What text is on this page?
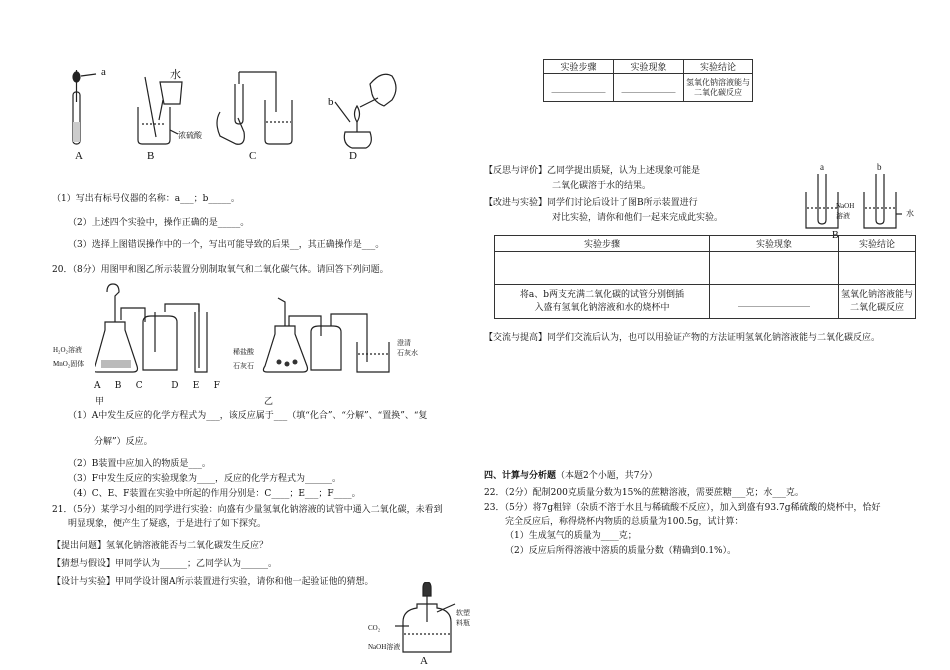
a	水
浓硫酸
b
A	B	C	D
（1）写出有标号仪器的名称：a___；b_____。
（2）上述四个实验中，操作正确的是_____。
（3）选择上图错误操作中的一个，写出可能导致的后果__，其正确操作是___。
20．（8分）用图甲和图乙所示装置分别制取氧气和二氧化碳气体。请回答下列问题。
H₂O₂溶液
MnO₂固体
稀盐酸
石灰石
澄清
石灰水
A     B     C          D     E     F
甲	乙
（1）A中发生反应的化学方程式为___，该反应属于___（填“化合”、“分解”、“置换”、“复
分解”）反应。
（2）B装置中应加入的物质是___。
（3）F中发生反应的实验现象为____，反应的化学方程式为______。
（4）C、E、F装置在实验中所起的作用分别是：C____；E___；F____。
21．（5分）某学习小组的同学进行实验：向盛有少量氢氧化钠溶液的试管中通入二氧化碳，未看到
明显现象，便产生了疑惑，于是进行了如下探究。
【提出问题】氢氧化钠溶液能否与二氧化碳发生反应？
【猜想与假设】甲同学认为______；乙同学认为______。
【设计与实验】甲同学设计图A所示装置进行实验，请你和他一起验证他的猜想。
CO₂
NaOH溶液
软塑
料瓶
A
实验步骤	实验现象	实验结论
____________	____________	氢氧化钠溶液能与二氧化碳反应
【反思与评价】乙同学提出质疑，认为上述现象可能是
二氧化碳溶于水的结果。
【改进与实验】同学们讨论后设计了图B所示装置进行
对比实验，请你和他们一起来完成此实验。
a	b
NaOH
溶液	水
B
实验步骤	实验现象	实验结论

将a、b两支充满二氧化碳的试管分别倒插入盛有氢氧化钠溶液和水的烧杯中	________________	氢氧化钠溶液能与二氧化碳反应
【交流与提高】同学们交流后认为，也可以用验证产物的方法证明氢氧化钠溶液能与二氧化碳反应。
四、计算与分析题（本题2个小题，共7分）
22．（2分）配制200克质量分数为15%的蔗糖溶液，需要蔗糖___克；水___克。
23．（5分）将7g粗锌（杂质不溶于水且与稀硫酸不反应），加入到盛有93.7g稀硫酸的烧杯中，恰好
完全反应后，称得烧杯内物质的总质量为100.5g，试计算：
（1）生成氢气的质量为____克；
（2）反应后所得溶液中溶质的质量分数（精确到0.1%）。
